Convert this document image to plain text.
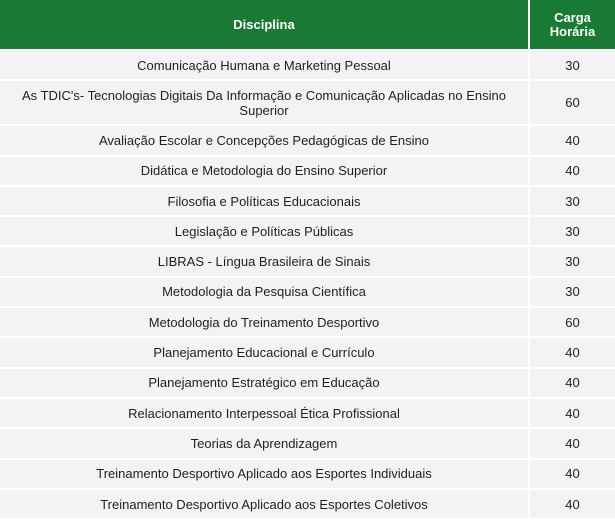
Disciplina	Carga
Horária
Comunicação Humana e Marketing Pessoal	30
As TDIC's- Tecnologias Digitais Da Informação e Comunicação Aplicadas no Ensino Superior	60
Avaliação Escolar e Concepções Pedagógicas de Ensino	40
Didática e Metodologia do Ensino Superior	40
Filosofia e Políticas Educacionais	30
Legislação e Políticas Públicas	30
LIBRAS - Língua Brasileira de Sinais	30
Metodologia da Pesquisa Científica	30
Metodologia do Treinamento Desportivo	60
Planejamento Educacional e Currículo	40
Planejamento Estratégico em Educação	40
Relacionamento Interpessoal Ética Profissional	40
Teorias da Aprendizagem	40
Treinamento Desportivo Aplicado aos Esportes Individuais	40
Treinamento Desportivo Aplicado aos Esportes Coletivos	40
